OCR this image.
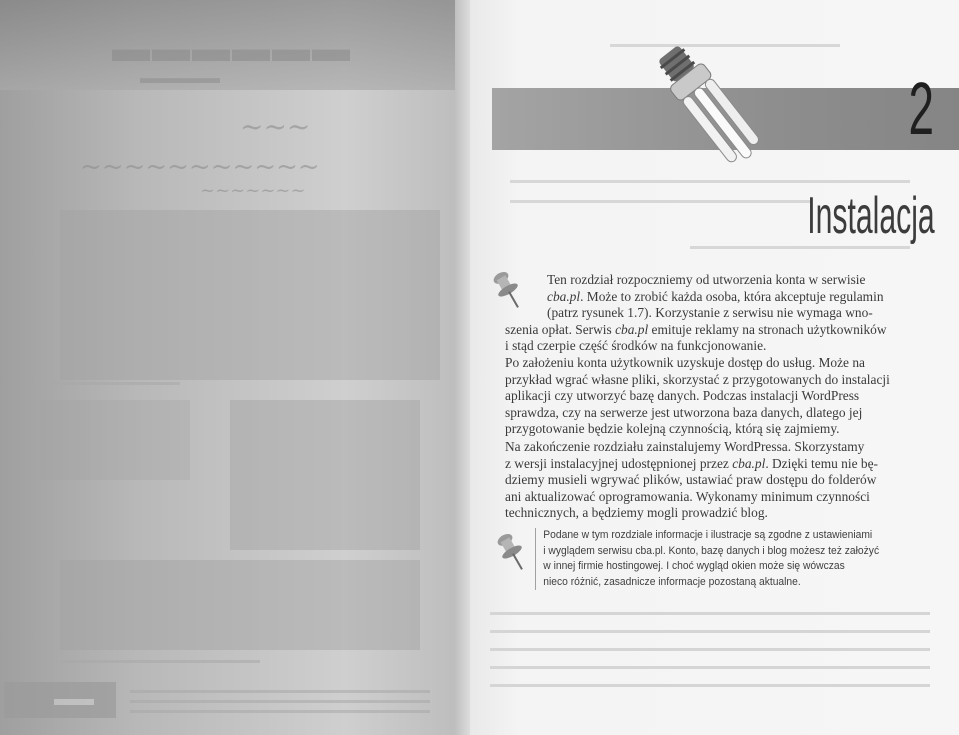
▬▬▬▬▬▬
▬▬▬▬▬
~~~
~~~~~~~~~~~
~~~~~~~
▬▬
2
Instalacja

Ten rozdział rozpoczniemy od utworzenia konta w serwisie
cba.pl. Może to zrobić każda osoba, która akceptuje regulamin
(patrz rysunek 1.7). Korzystanie z serwisu nie wymaga wno-
szenia opłat. Serwis cba.pl emituje reklamy na stronach użytkowników
i stąd czerpie część środków na funkcjonowanie.

Po założeniu konta użytkownik uzyskuje dostęp do usług. Może na
przykład wgrać własne pliki, skorzystać z przygotowanych do instalacji
aplikacji czy utworzyć bazę danych. Podczas instalacji WordPress
sprawdza, czy na serwerze jest utworzona baza danych, dlatego jej
przygotowanie będzie kolejną czynnością, którą się zajmiemy.

Na zakończenie rozdziału zainstalujemy WordPressa. Skorzystamy
z wersji instalacyjnej udostępnionej przez cba.pl. Dzięki temu nie bę-
dziemy musieli wgrywać plików, ustawiać praw dostępu do folderów
ani aktualizować oprogramowania. Wykonamy minimum czynności
technicznych, a będziemy mogli prowadzić blog.

Podane w tym rozdziale informacje i ilustracje są zgodne z ustawieniami
i wyglądem serwisu cba.pl. Konto, bazę danych i blog możesz też założyć
w innej firmie hostingowej. I choć wygląd okien może się wówczas
nieco różnić, zasadnicze informacje pozostaną aktualne.
